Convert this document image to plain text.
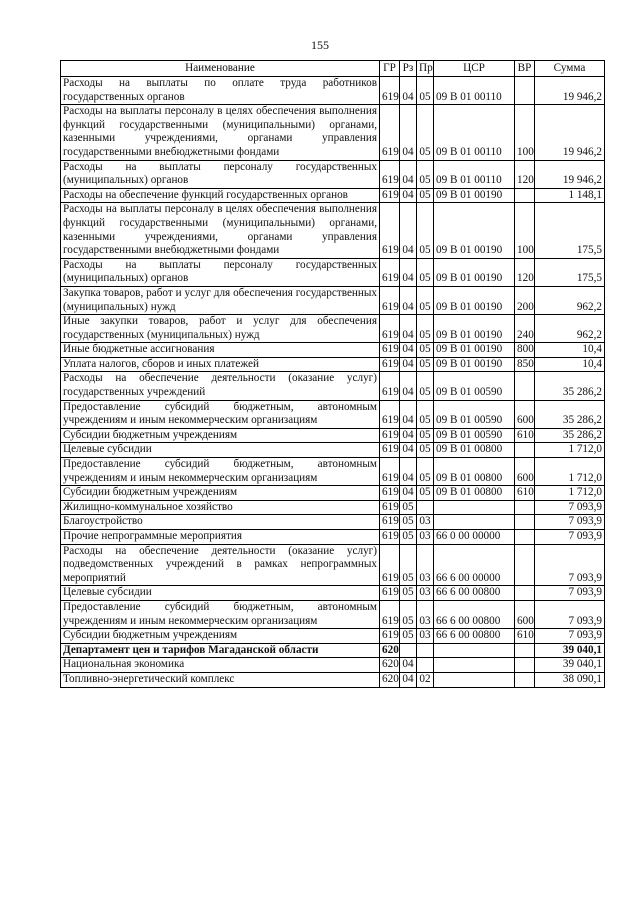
155
Наименование	ГР	Рз	Пр	ЦСР	ВР	Сумма
Расходы на выплаты по оплате труда работников государственных органов	619	04	05	09 В 01 00110		19 946,2
Расходы на выплаты персоналу в целях обеспечения выполнения функций государственными (муниципальными) органами, казенными учреждениями, органами управления государственными внебюджетными фондами	619	04	05	09 В 01 00110	100	19 946,2
Расходы на выплаты персоналу государственных (муниципальных) органов	619	04	05	09 В 01 00110	120	19 946,2
Расходы на обеспечение функций государственных органов	619	04	05	09 В 01 00190		1 148,1
Расходы на выплаты персоналу в целях обеспечения выполнения функций государственными (муниципальными) органами, казенными учреждениями, органами управления государственными внебюджетными фондами	619	04	05	09 В 01 00190	100	175,5
Расходы на выплаты персоналу государственных (муниципальных) органов	619	04	05	09 В 01 00190	120	175,5
Закупка товаров, работ и услуг для обеспечения государственных (муниципальных) нужд	619	04	05	09 В 01 00190	200	962,2
Иные закупки товаров, работ и услуг для обеспечения государственных (муниципальных) нужд	619	04	05	09 В 01 00190	240	962,2
Иные бюджетные ассигнования	619	04	05	09 В 01 00190	800	10,4
Уплата налогов, сборов и иных платежей	619	04	05	09 В 01 00190	850	10,4
Расходы на обеспечение деятельности (оказание услуг) государственных учреждений	619	04	05	09 В 01 00590		35 286,2
Предоставление субсидий бюджетным, автономным учреждениям и иным некоммерческим организациям	619	04	05	09 В 01 00590	600	35 286,2
Субсидии бюджетным учреждениям	619	04	05	09 В 01 00590	610	35 286,2
Целевые субсидии	619	04	05	09 В 01 00800		1 712,0
Предоставление субсидий бюджетным, автономным учреждениям и иным некоммерческим организациям	619	04	05	09 В 01 00800	600	1 712,0
Субсидии бюджетным учреждениям	619	04	05	09 В 01 00800	610	1 712,0
Жилищно-коммунальное хозяйство	619	05				7 093,9
Благоустройство	619	05	03			7 093,9
Прочие непрограммные мероприятия	619	05	03	66 0 00 00000		7 093,9
Расходы на обеспечение деятельности (оказание услуг) подведомственных учреждений в рамках непрограммных мероприятий	619	05	03	66 6 00 00000		7 093,9
Целевые субсидии	619	05	03	66 6 00 00800		7 093,9
Предоставление субсидий бюджетным, автономным учреждениям и иным некоммерческим организациям	619	05	03	66 6 00 00800	600	7 093,9
Субсидии бюджетным учреждениям	619	05	03	66 6 00 00800	610	7 093,9
Департамент цен и тарифов Магаданской области	620					39 040,1
Национальная экономика	620	04				39 040,1
Топливно-энергетический комплекс	620	04	02			38 090,1
